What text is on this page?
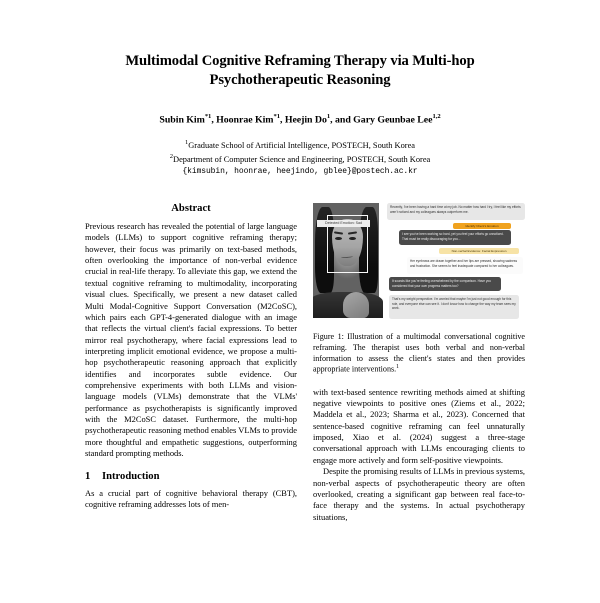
Multimodal Cognitive Reframing Therapy via Multi-hop Psychotherapeutic Reasoning
Subin Kim$^{*1}$, Hoonrae Kim$^{*1}$, Heejin Do$^1$, and Gary Geunbae Lee$^{1,2}$
$^1$Graduate School of Artificial Intelligence, POSTECH, South Korea
$^2$Department of Computer Science and Engineering, POSTECH, South Korea
{kimsubin, hoonrae, heejindo, gblee}@postech.ac.kr
Abstract

Previous research has revealed the potential of large language models (LLMs) to support cognitive reframing therapy; however, their focus was primarily on text-based methods, often overlooking the importance of non-verbal evidence crucial in real-life therapy. To alleviate this gap, we extend the textual cognitive reframing to multimodality, incorporating visual clues. Specifically, we present a new dataset called Multi Modal-Cognitive Support Conversation (M2CoSC), which pairs each GPT-4-generated dialogue with an image that reflects the virtual client's facial expressions. To better mirror real psychotherapy, where facial expressions lead to interpreting implicit emotional evidence, we propose a multi-hop psychotherapeutic reasoning approach that explicitly identifies and incorporates subtle evidence. Our comprehensive experiments with both LLMs and vision-language models (VLMs) demonstrate that the VLMs' performance as psychotherapists is significantly improved with the M2CoSC dataset. Furthermore, the multi-hop psychotherapeutic reasoning method enables VLMs to provide more thoughtful and empathetic suggestions, outperforming standard prompting methods.

1 Introduction

As a crucial part of cognitive behavioral therapy (CBT), cognitive reframing addresses lots of men-

Detected Emotion: Sad
Recently, I've been having a hard time at my job. No matter how hard I try, I feel like my efforts aren't noticed and my colleagues always outperform me.
Identify Client's Emotion
I see you've been working so hard, yet you feel your efforts go unnoticed. That must be really discouraging for you...
Non-verbal Evidence: Facial Expression
Her eyebrows are drawn together and her lips are pressed, showing sadness and frustration. She seems to feel inadequate compared to her colleagues.
It sounds like you're feeling overwhelmed by the comparison. Have you considered that your own progress matters too?
That's my weight perspective. I'm worried that maybe I'm just not good enough for this role, and everyone else can see it. I don't know how to change the way my team sees my work.

Figure 1: Illustration of a multimodal conversational cognitive reframing. The therapist uses both verbal and non-verbal information to assess the client's states and then provides appropriate interventions.$^1$

with text-based sentence rewriting methods aimed at shifting negative viewpoints to positive ones (Ziems et al., 2022; Maddela et al., 2023; Sharma et al., 2023). Concerned that sentence-based cognitive reframing can feel unnaturally imposed, Xiao et al. (2024) suggest a three-stage conversational approach with LLMs encouraging clients to engage more actively and form self-positive viewpoints.

Despite the promising results of LLMs in previous systems, non-verbal aspects of psychotherapeutic theory are often overlooked, creating a significant gap between real face-to-face therapy and the systems. In actual psychotherapy situations,
